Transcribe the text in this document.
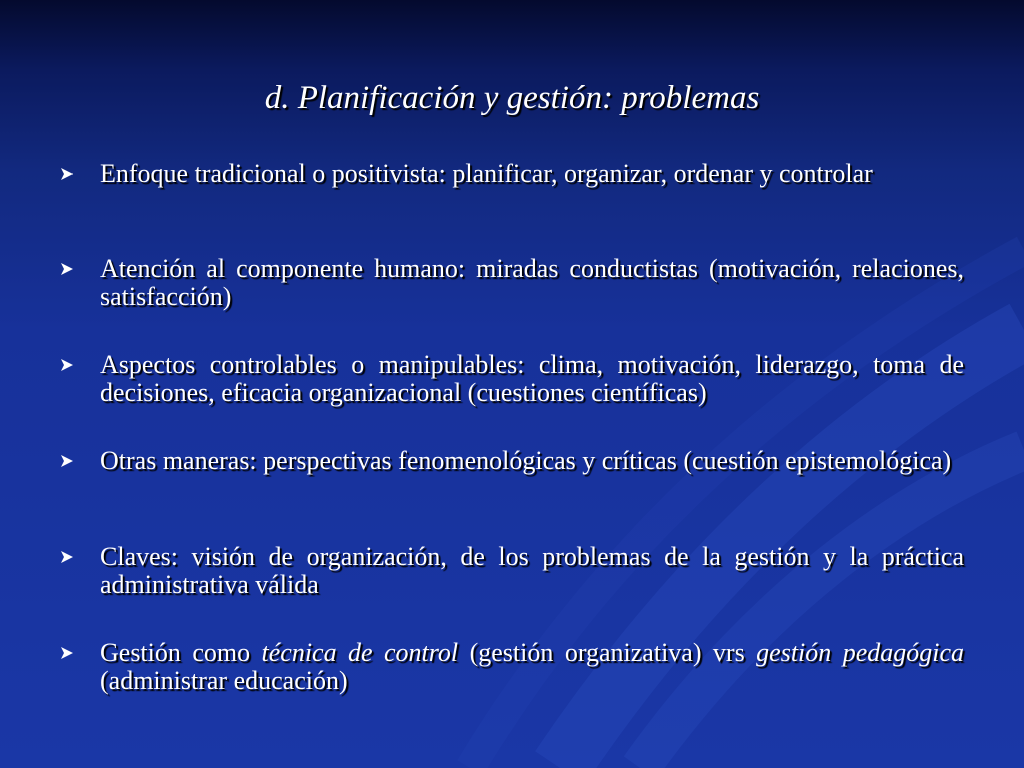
d. Planificación y gestión: problemas
Enfoque tradicional o positivista: planificar, organizar, ordenar y controlar
Atención al componente humano: miradas conductistas (motivación, relaciones, satisfacción)
Aspectos controlables o manipulables: clima, motivación, liderazgo, toma de decisiones, eficacia organizacional (cuestiones científicas)
Otras maneras: perspectivas fenomenológicas y críticas (cuestión epistemológica)
Claves: visión de organización, de los problemas de la gestión y la práctica administrativa válida
Gestión como técnica de control (gestión organizativa) vrs gestión pedagógica (administrar educación)
